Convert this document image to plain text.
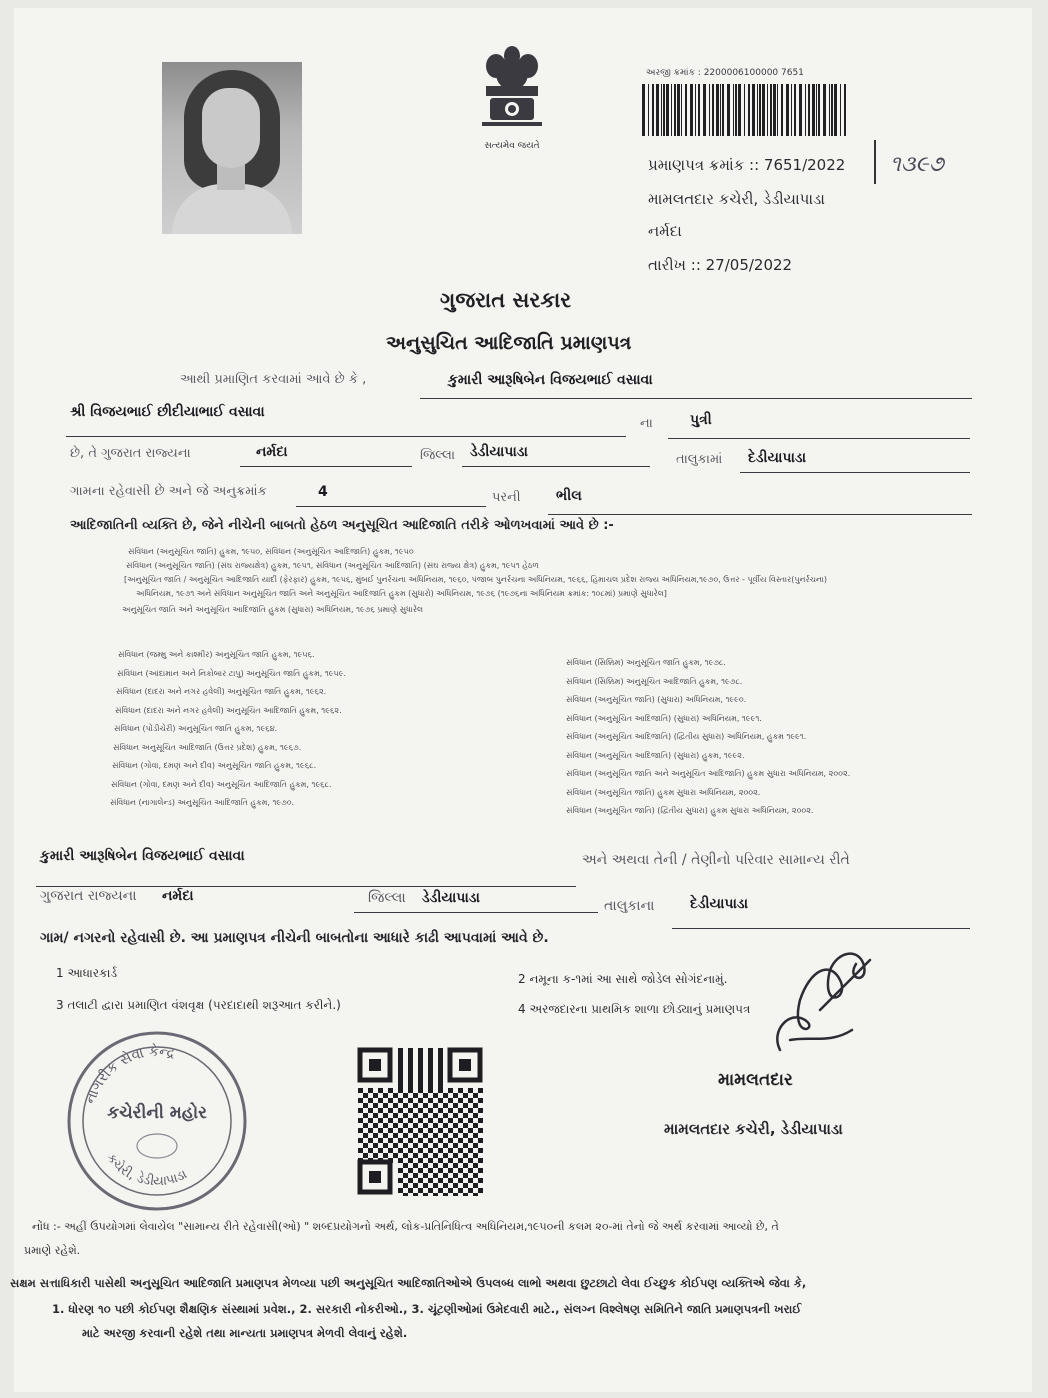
સત્યમેવ જયતે
અરજી ક્રમાંક : 2200006100000 7651
પ્રમાણપત્ર ક્રમાંક :: 7651/2022 ૧૩૯૭
મામલતદાર કચેરી, ડેડીયાપાડા
નર્મદા
તારીખ :: 27/05/2022
ગુજરાત સરકાર
અનુસુચિત આદિજાતિ પ્રમાણપત્ર
આથી પ્રમાણિત કરવામાં આવે છે કે ,	કુમારી આરૂષિબેન વિજયભાઈ વસાવા
શ્રી વિજયભાઈ છીદીયાભાઈ વસાવા
ના	પુત્રી
છે, તે ગુજરાત રાજ્યના	નર્મદા	જિલ્લા ડેડીયાપાડા	તાલુકામાં દેડીયાપાડા
ગામના રહેવાસી છે અને જે અનુક્રમાંક	4	પરની	ભીલ
આદિજાતિની વ્યક્તિ છે, જેને નીચેની બાબતો હેઠળ અનુસૂચિત આદિજાતિ તરીકે ઓળખવામાં આવે છે :-
સંવિધાન (અનુસૂચિત જાતિ) હુકમ, ૧૯૫૦, સંવિધાન (અનુસૂચિત આદિજાતિ) હુકમ, ૧૯૫૦
સંવિધાન (અનુસૂચિત જાતિ) (સંઘ રાજ્યક્ષેત્ર) હુકમ, ૧૯૫૧, સંવિધાન (અનુસૂચિત આદિજાતિ) (સંઘ રાજ્ય ક્ષેત્ર) હુકમ, ૧૯૫૧ હેઠળ
[અનુસૂચિત જાતિ / અનુસૂચિત આદિજાતિ યાદી (ફેરફાર) હુકમ, ૧૯૫૬, મુંબઈ પુનર્રચના અધિનિયમ, ૧૯૬૦, પંજાબ પુનર્રચના અધિનિયમ, ૧૯૬૬, હિમાચલ પ્રદેશ રાજ્ય અધિનિયમ,૧૯૭૦, ઉત્તર - પૂર્વીય વિસ્તાર(પુનર્રચના)
અધિનિયમ, ૧૯૭૧ અને સંવિધાન અનુસૂચિત જાતિ અને અનુસૂચિત આદિજાતિ હુકમ (સુધારો) અધિનિયમ, ૧૯૭૬ (૧૯૭૬ના અધિનિયમ ક્રમાંક: ૧૦૮માં) પ્રમાણે સુધારેલ]
અનુસૂચિત જાતિ અને અનુસૂચિત આદિજાતિ હુકમ (સુધારા) અધિનિયમ, ૧૯૭૬ પ્રમાણે સુધારેલ
સંવિધાન (જમ્મુ અને કાશ્મીર) અનુસૂચિત જાતિ હુકમ, ૧૯૫૬.
સંવિધાન (આંદામાન અને નિકોબાર ટાપુ) અનુસૂચિત જાતિ હુકમ, ૧૯૫૯.
સંવિધાન (દાદરા અને નગર હવેલી) અનુસૂચિત જાતિ હુકમ, ૧૯૬૨.
સંવિધાન (દાદરા અને નગર હવેલી) અનુસૂચિત આદિજાતિ હુકમ, ૧૯૬૨.
સંવિધાન (પોંડીચેરી) અનુસૂચિત જાતિ હુકમ, ૧૯૬૪.
સંવિધાન અનુસૂચિત આદિજાતિ (ઉત્તર પ્રદેશ) હુકમ, ૧૯૬૭.
સંવિધાન (ગોવા, દમણ અને દીવ) અનુસૂચિત જાતિ હુકમ, ૧૯૬૮.
સંવિધાન (ગોવા, દમણ અને દીવ) અનુસૂચિત આદિજાતિ હુકમ, ૧૯૬૮.
સંવિધાન (નાગાલેન્ડ) અનુસૂચિત આદિજાતિ હુકમ, ૧૯૭૦.
સંવિધાન (સિક્કિમ) અનુસૂચિત જાતિ હુકમ, ૧૯૭૮.
સંવિધાન (સિક્કિમ) અનુસૂચિત આદિજાતિ હુકમ, ૧૯૭૮.
સંવિધાન (અનુસૂચિત જાતિ) (સુધારા) અધિનિયમ, ૧૯૯૦.
સંવિધાન (અનુસૂચિત આદિજાતિ) (સુધારા) અધિનિયમ, ૧૯૯૧.
સંવિધાન (અનુસૂચિત આદિજાતિ) (દ્વિતીય સુધારા) અધિનિયમ, હુકમ ૧૯૯૧.
સંવિધાન (અનુસૂચિત આદિજાતિ) (સુધારા) હુકમ, ૧૯૯૨.
સંવિધાન (અનુસૂચિત જાતિ અને અનુસૂચિત આદિજાતિ) હુકમ સુધારા અધિનિયમ, ૨૦૦૨.
સંવિધાન (અનુસૂચિત જાતિ) હુકમ સુધારા અધિનિયમ, ૨૦૦૨.
સંવિધાન (અનુસૂચિત જાતિ) (દ્વિતીય સુધારા) હુકમ સુધારા અધિનિયમ, ૨૦૦૨.
કુમારી આરૂષિબેન વિજયભાઈ વસાવા	અને અથવા તેની / તેણીનો પરિવાર સામાન્ય રીતે
ગુજરાત રાજ્યના નર્મદા	જિલ્લા ડેડીયાપાડા	તાલુકાના	દેડીયાપાડા
ગામ/ નગરનો રહેવાસી છે. આ પ્રમાણપત્ર નીચેની બાબતોના આધારે કાઢી આપવામાં આવે છે.
1 આધારકાર્ડ	2 નમૂના ક-૧માં આ સાથે જોડેલ સોગંદનામું.
3 તલાટી દ્વારા પ્રમાણિત વંશવૃક્ષ (પરદાદાથી શરૂઆત કરીને.)	4 અરજદારના પ્રાથમિક શાળા છોડ્યાનું પ્રમાણપત્ર
નાગરીક સેવા કેન્દ્ર
કચેરી, ડેડીયાપાડા
કચેરીની મહોર
મામલતદાર
મામલતદાર કચેરી, ડેડીયાપાડા
નોંધ :- અહીં ઉપયોગમાં લેવાયેલ "સામાન્ય રીતે રહેવાસી(ઓ) " શબ્દપ્રયોગનો અર્થ, લોક-પ્રતિનિધિત્વ અધિનિયમ,૧૯૫૦ની કલમ ૨૦-માં તેનો જે અર્થ કરવામાં આવ્યો છે, તે
પ્રમાણે રહેશે.
સક્ષમ સત્તાધિકારી પાસેથી અનુસૂચિત આદિજાતિ પ્રમાણપત્ર મેળવ્યા પછી અનુસૂચિત આદિજાતિઓએ ઉપલબ્ધ લાભો અથવા છુટછાટો લેવા ઈચ્છુક કોઈપણ વ્યક્તિએ જેવા કે,
1. ધોરણ ૧૦ પછી કોઈપણ શૈક્ષણિક સંસ્થામાં પ્રવેશ., 2. સરકારી નોકરીઓ., 3. ચૂંટણીઓમાં ઉમેદવારી માટે., સંલગ્ન વિશ્લેષણ સમિતિને જાતિ પ્રમાણપત્રની ખરાઈ
માટે અરજી કરવાની રહેશે તથા માન્યતા પ્રમાણપત્ર મેળવી લેવાનું રહેશે.
